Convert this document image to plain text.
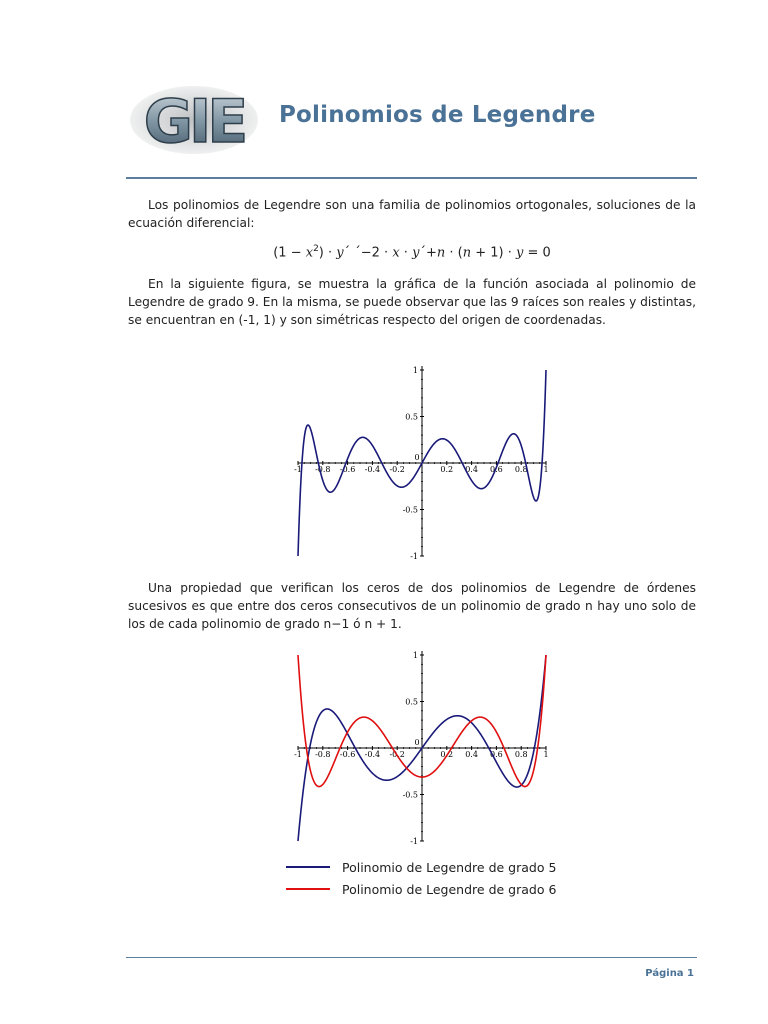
GIE Polinomios de Legendre

Los polinomios de Legendre son una familia de polinomios ortogonales, soluciones de la ecuación diferencial:

$(1 - x^2)$ · y´ ´−2 · x · y´+n · (n + 1) · y = 0

En la siguiente figura, se muestra la gráfica de la función asociada al polinomio de Legendre de grado 9. En la misma, se puede observar que las 9 raíces son reales y distintas, se encuentran en (-1, 1) y son simétricas respecto del origen de coordenadas.

-1 -0.8 -0.6 -0.4 -0.2
0
0.2 0.4 0.6 0.8 1
-1
-0.5
0.5
1

Una propiedad que verifican los ceros de dos polinomios de Legendre de órdenes sucesivos es que entre dos ceros consecutivos de un polinomio de grado n hay uno solo de los de cada polinomio de grado n−1 ó n + 1.

-1 -0.8 -0.6 -0.4 -0.2
0
0.2 0.4 0.6 0.8 1
-1
-0.5
0.5
1
Polinomio de Legendre de grado 5
Polinomio de Legendre de grado 6
Página 1
